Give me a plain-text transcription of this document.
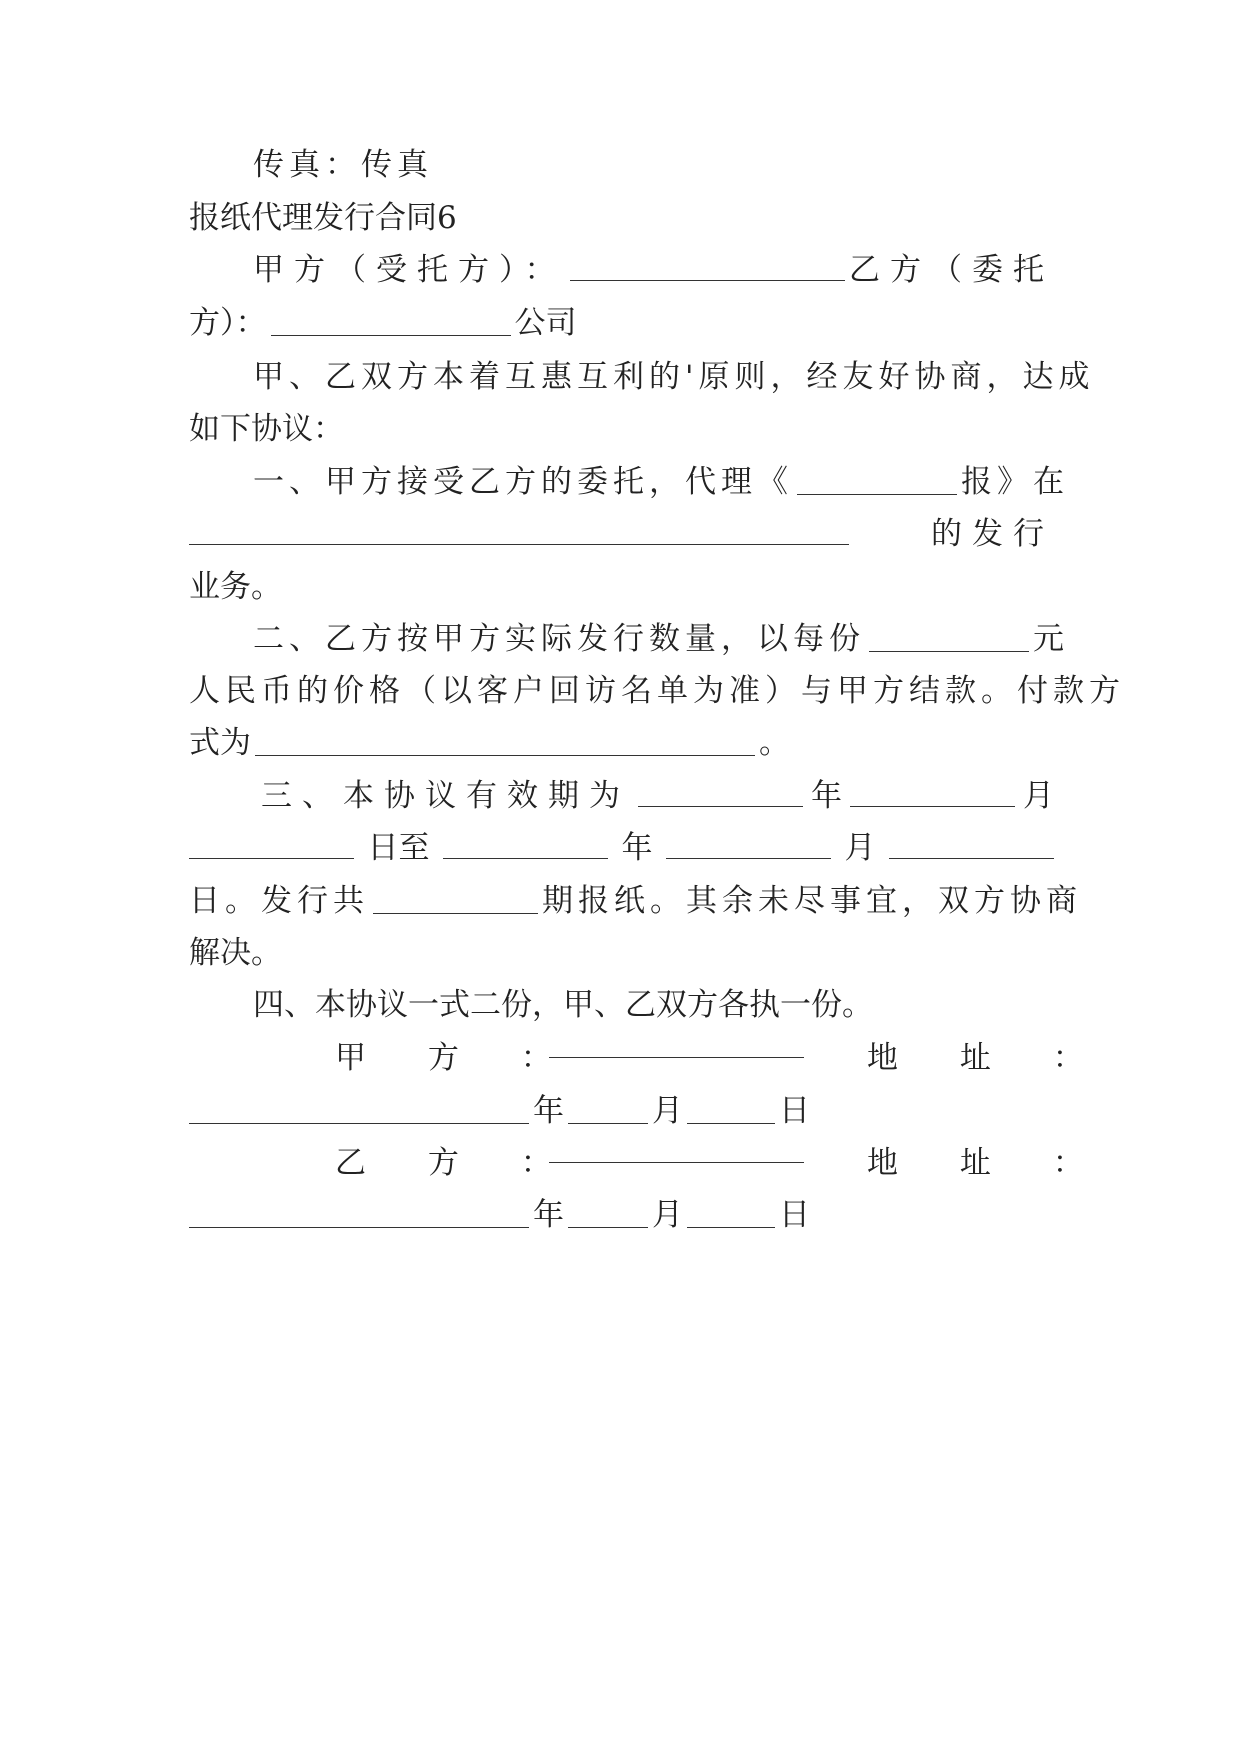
传真：传真
报纸代理发行合同6
甲方（受托方）：	乙方（委托
方）：	公司
甲、乙双方本着互惠互利的'原则，经友好协商，达成
如下协议：
一、甲方接受乙方的委托，代理《	报》在
的发行
业务。
二、乙方按甲方实际发行数量，以每份	元
人民币的价格（以客户回访名单为准）与甲方结款。付款方
式为	。
三、本协议有效期为	年	月
日至	年	月
日。发行共	期报纸。其余未尽事宜，双方协商
解决。
四、本协议一式二份，甲、乙双方各执一份。
甲 方 ：	地 址 ：
年	月	日
乙 方 ：	地 址 ：
年	月	日
